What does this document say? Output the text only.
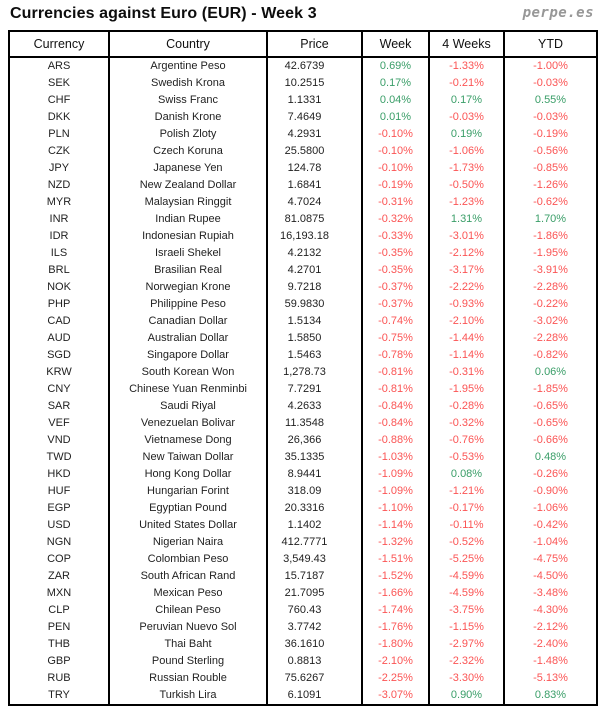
Currencies against Euro (EUR) - Week 3	perpe.es
Currency	Country	Price	Week	4 Weeks	YTD
ARS	Argentine Peso	42.6739	0.69%	-1.33%	-1.00%
SEK	Swedish Krona	10.2515	0.17%	-0.21%	-0.03%
CHF	Swiss Franc	1.1331	0.04%	0.17%	0.55%
DKK	Danish Krone	7.4649	0.01%	-0.03%	-0.03%
PLN	Polish Zloty	4.2931	-0.10%	0.19%	-0.19%
CZK	Czech Koruna	25.5800	-0.10%	-1.06%	-0.56%
JPY	Japanese Yen	124.78	-0.10%	-1.73%	-0.85%
NZD	New Zealand Dollar	1.6841	-0.19%	-0.50%	-1.26%
MYR	Malaysian Ringgit	4.7024	-0.31%	-1.23%	-0.62%
INR	Indian Rupee	81.0875	-0.32%	1.31%	1.70%
IDR	Indonesian Rupiah	16,193.18	-0.33%	-3.01%	-1.86%
ILS	Israeli Shekel	4.2132	-0.35%	-2.12%	-1.95%
BRL	Brasilian Real	4.2701	-0.35%	-3.17%	-3.91%
NOK	Norwegian Krone	9.7218	-0.37%	-2.22%	-2.28%
PHP	Philippine Peso	59.9830	-0.37%	-0.93%	-0.22%
CAD	Canadian Dollar	1.5134	-0.74%	-2.10%	-3.02%
AUD	Australian Dollar	1.5850	-0.75%	-1.44%	-2.28%
SGD	Singapore Dollar	1.5463	-0.78%	-1.14%	-0.82%
KRW	South Korean Won	1,278.73	-0.81%	-0.31%	0.06%
CNY	Chinese Yuan Renminbi	7.7291	-0.81%	-1.95%	-1.85%
SAR	Saudi Riyal	4.2633	-0.84%	-0.28%	-0.65%
VEF	Venezuelan Bolivar	11.3548	-0.84%	-0.32%	-0.65%
VND	Vietnamese Dong	26,366	-0.88%	-0.76%	-0.66%
TWD	New Taiwan Dollar	35.1335	-1.03%	-0.53%	0.48%
HKD	Hong Kong Dollar	8.9441	-1.09%	0.08%	-0.26%
HUF	Hungarian Forint	318.09	-1.09%	-1.21%	-0.90%
EGP	Egyptian Pound	20.3316	-1.10%	-0.17%	-1.06%
USD	United States Dollar	1.1402	-1.14%	-0.11%	-0.42%
NGN	Nigerian Naira	412.7771	-1.32%	-0.52%	-1.04%
COP	Colombian Peso	3,549.43	-1.51%	-5.25%	-4.75%
ZAR	South African Rand	15.7187	-1.52%	-4.59%	-4.50%
MXN	Mexican Peso	21.7095	-1.66%	-4.59%	-3.48%
CLP	Chilean Peso	760.43	-1.74%	-3.75%	-4.30%
PEN	Peruvian Nuevo Sol	3.7742	-1.76%	-1.15%	-2.12%
THB	Thai Baht	36.1610	-1.80%	-2.97%	-2.40%
GBP	Pound Sterling	0.8813	-2.10%	-2.32%	-1.48%
RUB	Russian Rouble	75.6267	-2.25%	-3.30%	-5.13%
TRY	Turkish Lira	6.1091	-3.07%	0.90%	0.83%
